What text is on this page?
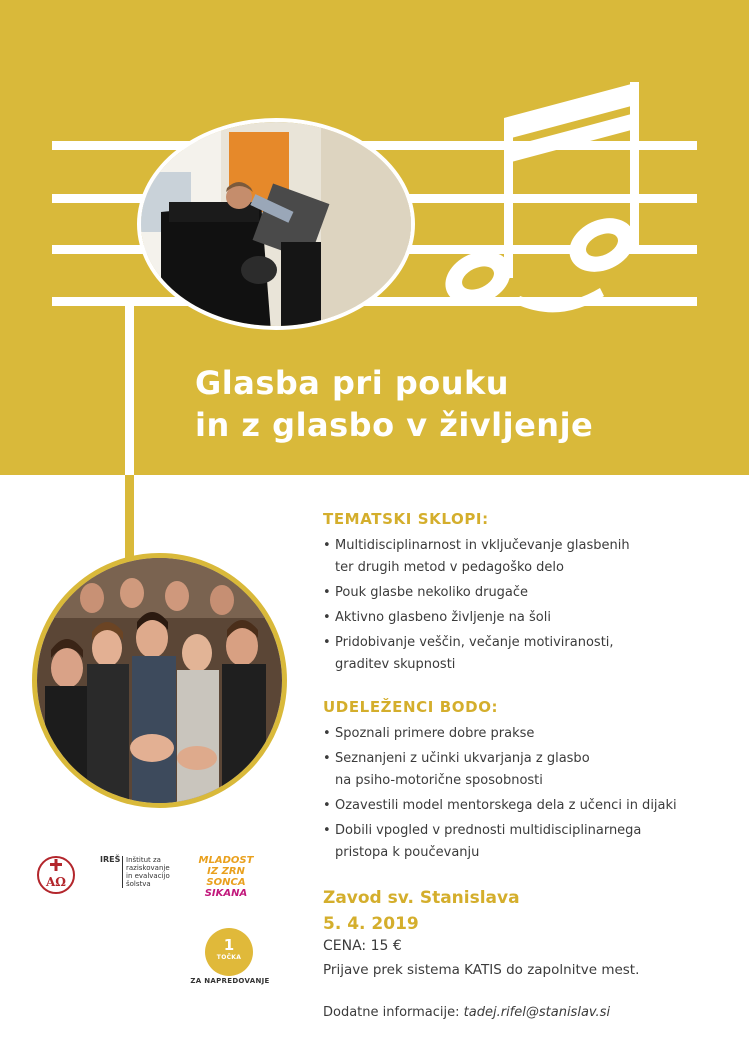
Glasba pri pouku
in z glasbo v življenje
TEMATSKI SKLOPI:
• Multidisciplinarnost in vključevanje glasbenih
ter drugih metod v pedagoško delo
• Pouk glasbe nekoliko drugače
• Aktivno glasbeno življenje na šoli
• Pridobivanje veščin, večanje motiviranosti,
graditev skupnosti
UDELEŽENCI BODO:
• Spoznali primere dobre prakse
• Seznanjeni z učinki ukvarjanja z glasbo
na psiho-motorične sposobnosti
• Ozavestili model mentorskega dela z učenci in dijaki
• Dobili vpogled v prednosti multidisciplinarnega
pristopa k poučevanju
Zavod sv. Stanislava
5. 4. 2019
CENA: 15 €
Prijave prek sistema KATIS do zapolnitve mest.
Dodatne informacije: tadej.rifel@stanislav.si
AΩ
IREŠ Inštitut za
raziskovanje
in evalvacijo
šolstva
MLADOST
IZ ZRN SONCA
SIKANA
1
TOČKA
ZA NAPREDOVANJE
